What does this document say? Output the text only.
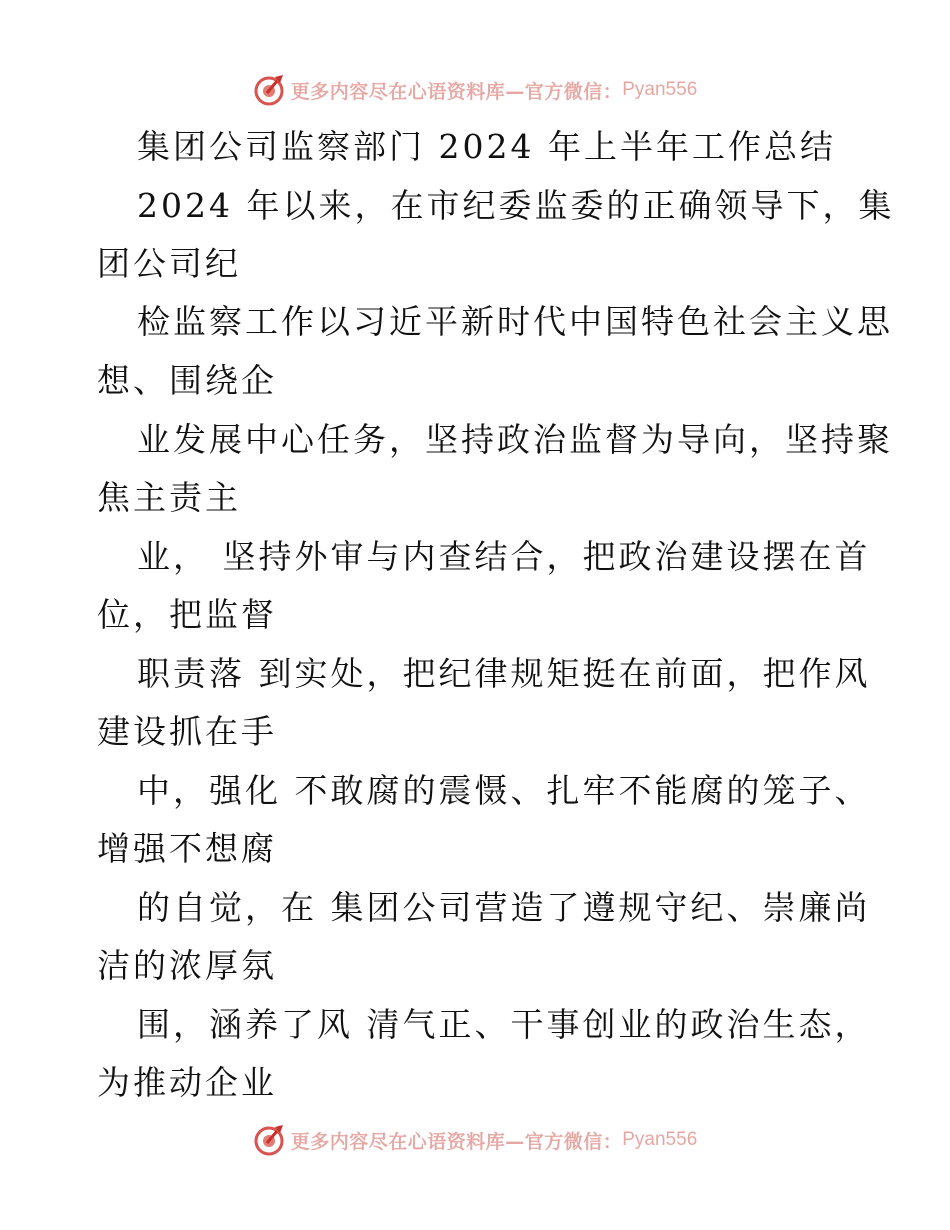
更多内容尽在心语资料库—官方微信： Pyan556
集团公司监察部门 2024 年上半年工作总结
2024 年以来，在市纪委监委的正确领导下，集
团公司纪
检监察工作以习近平新时代中国特色社会主义思
想、围绕企
业发展中心任务，坚持政治监督为导向，坚持聚
焦主责主
业， 坚持外审与内查结合，把政治建设摆在首
位，把监督
职责落 到实处，把纪律规矩挺在前面，把作风
建设抓在手
中，强化 不敢腐的震慑、扎牢不能腐的笼子、
增强不想腐
的自觉，在 集团公司营造了遵规守纪、崇廉尚
洁的浓厚氛
围，涵养了风 清气正、干事创业的政治生态，
为推动企业
更多内容尽在心语资料库—官方微信： Pyan556
